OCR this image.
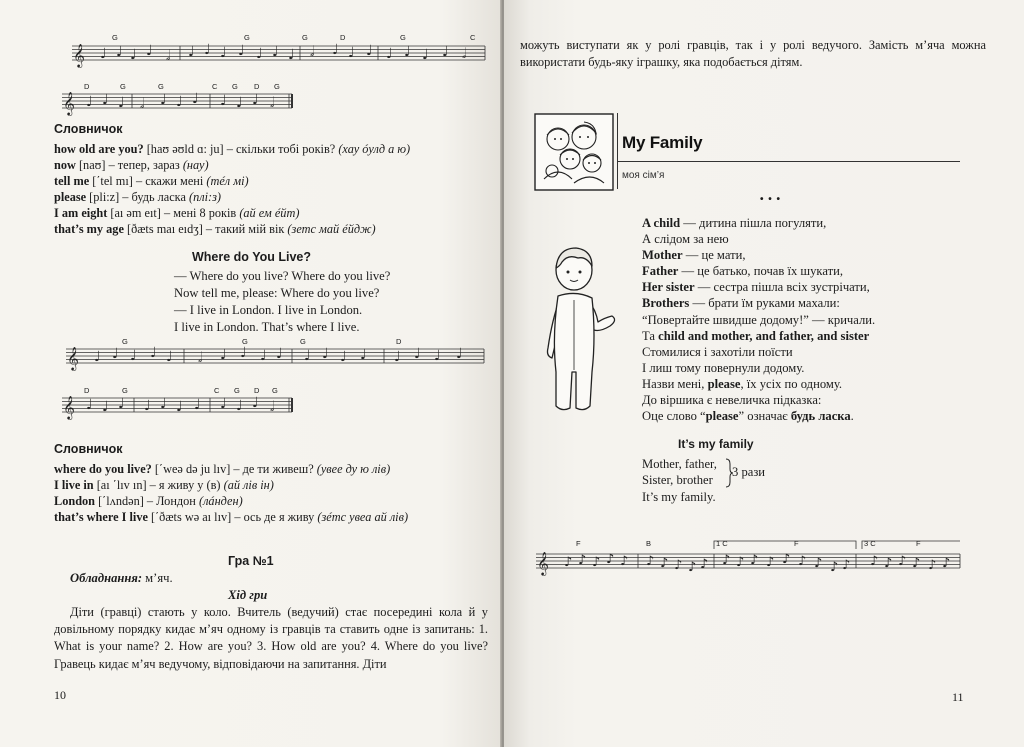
𝄞 ♩ ♩ ♩ ♩ 𝅗𝅥 ♩ ♩ ♩ ♩ ♩ ♩ ♩ 𝅗𝅥 ♩ ♩ ♩ ♩ ♩ ♩ ♩ 𝅗𝅥
G	G	G	D	G	C
𝄞 ♩ ♩ ♩ 𝅗𝅥 ♩ ♩ ♩ ♩ ♩ ♩ 𝅗𝅥
D	G	G	C G D G
Словничок
how old are you? [haʊ əʊld ɑ: ju] – скільки тобі років? (хау óулд а ю)
now [naʊ] – тепер, зараз (нау)
tell me [΄tel mı] – скажи мені (тéл мі)
please [pli:z] – будь ласка (плі:з)
I am eight [aı əm eıt] – мені 8 років (ай ем éйт)
that’s my age [ðæts maı eıdʒ] – такий мій вік (зетс май éйдж)
Where do You Live?
— Where do you live? Where do you live?
Now tell me, please: Where do you live?
— I live in London. I live in London.
I live in London. That’s where I live.
𝄞 ♩ ♩ ♩ ♩ ♩ 𝅗𝅥 ♩ ♩ ♩ ♩ ♩ ♩ ♩ ♩ ♩ ♩ ♩ ♩
G	G	G	D
𝄞 ♩ ♩ ♩ ♩ ♩ ♩ ♩ ♩ ♩ ♩ 𝅗𝅥
D	G	C G D G
Словничок
where do you live? [΄weə də ju lıv] – де ти живеш? (увее ду ю лів)
I live in [aı ΄lıv ın] – я живу у (в) (ай лів ін)
London [΄lʌndən] – Лондон (лáнден)
that’s where I live [΄ðæts wə aı lıv] – ось де я живу (зéтс увеа ай лів)
Гра №1
Обладнання: м’яч.
Хід гри
Діти (гравці) стають у коло. Вчитель (ведучий) стає посередині кола й у довільному порядку кидає м’яч одному із гравців та ставить одне із запитань: 1. What is your name? 2. How are you? 3. How old are you? 4. Where do you live? Гравець кидає м’яч ведучому, відповідаючи на запитання. Діти
10
можуть виступати як у ролі гравців, так і у ролі ведучого. Замість м’яча можна використати будь-яку іграшку, яка подобається дітям.
My Family
моя сім’я
• • •
A child — дитина пішла погуляти,
А слідом за нею
Mother — це мати,
Father — це батько, почав їх шукати,
Her sister — сестра пішла всіх зустрічати,
Brothers — брати їм руками махали:
“Повертайте швидше додому!” — кричали.
Та child and mother, and father, and sister
Стомилися і захотіли поїсти
І лиш тому повернули додому.
Назви мені, please, їх усіх по одному.
До віршика є невеличка підказка:
Оце слово “please” означає будь ласка.
It’s my family
Mother, father,
Sister, brother
It’s my family.
3 рази
𝄞 ♪ ♪ ♪ ♪ ♪ ♪ ♪ ♪ ♪ ♪ ♪ ♪ ♪ ♪ ♪ ♪ ♪ ♪ ♪ ♪ ♪ ♪ ♪ ♪ ♪
F	B	1 C	F	3 C	F
11
